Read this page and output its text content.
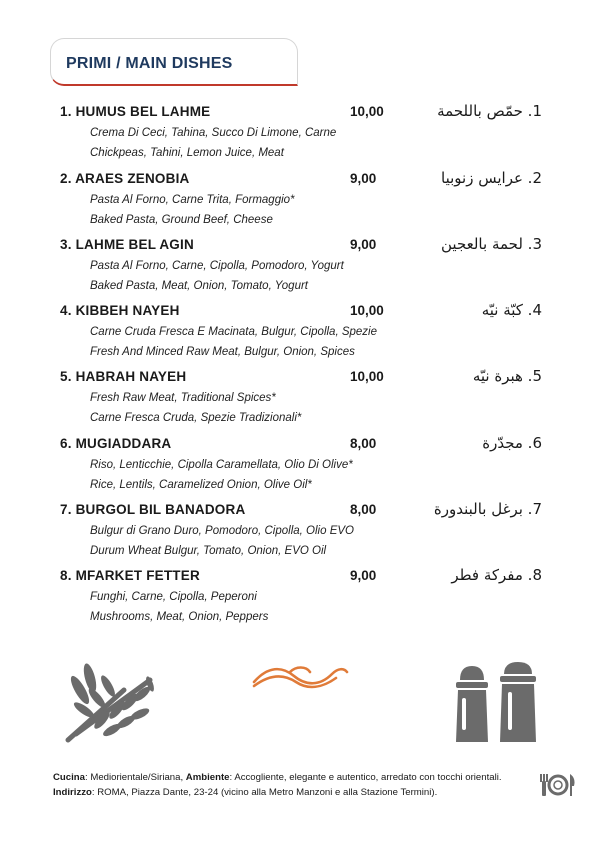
PRIMI / MAIN DISHES
1. HUMUS BEL LAHME	10,00	1. حمّص باللحمة
Crema Di Ceci, Tahina, Succo Di Limone, Carne
Chickpeas, Tahini, Lemon Juice, Meat
2. ARAES ZENOBIA	9,00	2. عرايس زنوبيا
Pasta Al Forno, Carne Trita, Formaggio*
Baked Pasta, Ground Beef, Cheese
3. LAHME BEL AGIN	9,00	3. لحمة بالعجين
Pasta Al Forno, Carne, Cipolla, Pomodoro, Yogurt
Baked Pasta, Meat, Onion, Tomato, Yogurt
4. KIBBEH NAYEH	10,00	4. كبّة نيّه
Carne Cruda Fresca E Macinata, Bulgur, Cipolla, Spezie
Fresh And Minced Raw Meat, Bulgur, Onion, Spices
5. HABRAH NAYEH	10,00	5. هبرة نيّه
Fresh Raw Meat, Traditional Spices*
Carne Fresca Cruda, Spezie Tradizionali*
6. MUGIADDARA	8,00	6. مجدّرة
Riso, Lenticchie, Cipolla Caramellata, Olio Di Olive*
Rice, Lentils, Caramelized Onion, Olive Oil*
7. BURGOL BIL BANADORA	8,00	7. برغل بالبندورة
Bulgur di Grano Duro, Pomodoro, Cipolla, Olio EVO
Durum Wheat Bulgur, Tomato, Onion, EVO Oil
8. MFARKET FETTER	9,00	8. مفركة فطر
Funghi, Carne, Cipolla, Peperoni
Mushrooms, Meat, Onion, Peppers
Cucina: Mediorientale/Siriana, Ambiente: Accogliente, elegante e autentico, arredato con tocchi orientali. Indirizzo: ROMA, Piazza Dante, 23-24 (vicino alla Metro Manzoni e alla Stazione Termini).
